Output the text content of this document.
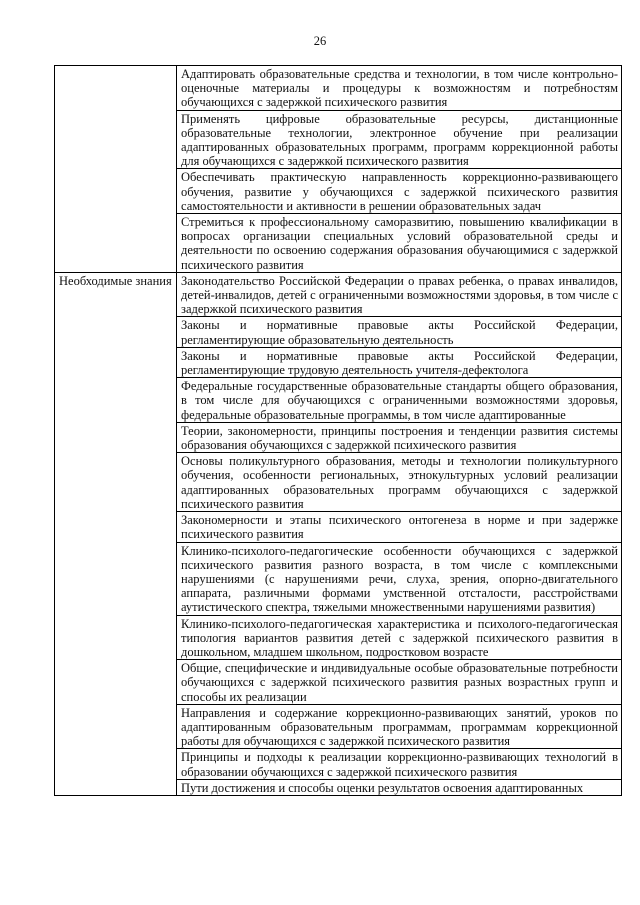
26
	Адаптировать образовательные средства и технологии, в том числе контрольно-оценочные материалы и процедуры к возможностям и потребностям обучающихся с задержкой психического развития
	Применять цифровые образовательные ресурсы, дистанционные образовательные технологии, электронное обучение при реализации адаптированных образовательных программ, программ коррекционной работы для обучающихся с задержкой психического развития
	Обеспечивать практическую направленность коррекционно-развивающего обучения, развитие у обучающихся с задержкой психического развития самостоятельности и активности в решении образовательных задач
	Стремиться к профессиональному саморазвитию, повышению квалификации в вопросах организации специальных условий образовательной среды и деятельности по освоению содержания образования обучающимися с задержкой психического развития
Необходимые знания	Законодательство Российской Федерации о правах ребенка, о правах инвалидов, детей-инвалидов, детей с ограниченными возможностями здоровья, в том числе с задержкой психического развития
	Законы и нормативные правовые акты Российской Федерации, регламентирующие образовательную деятельность
	Законы и нормативные правовые акты Российской Федерации, регламентирующие трудовую деятельность учителя-дефектолога
	Федеральные государственные образовательные стандарты общего образования, в том числе для обучающихся с ограниченными возможностями здоровья, федеральные образовательные программы, в том числе адаптированные
	Теории, закономерности, принципы построения и тенденции развития системы образования обучающихся с задержкой психического развития
	Основы поликультурного образования, методы и технологии поликультурного обучения, особенности региональных, этнокультурных условий реализации адаптированных образовательных программ обучающихся с задержкой психического развития
	Закономерности и этапы психического онтогенеза в норме и при задержке психического развития
	Клинико-психолого-педагогические особенности обучающихся с задержкой психического развития разного возраста, в том числе с комплексными нарушениями (с нарушениями речи, слуха, зрения, опорно-двигательного аппарата, различными формами умственной отсталости, расстройствами аутистического спектра, тяжелыми множественными нарушениями развития)
	Клинико-психолого-педагогическая характеристика и психолого-педагогическая типология вариантов развития детей с задержкой психического развития в дошкольном, младшем школьном, подростковом возрасте
	Общие, специфические и индивидуальные особые образовательные потребности обучающихся с задержкой психического развития разных возрастных групп и способы их реализации
	Направления и содержание коррекционно-развивающих занятий, уроков по адаптированным образовательным программам, программам коррекционной работы для обучающихся с задержкой психического развития
	Принципы и подходы к реализации коррекционно-развивающих технологий в образовании обучающихся с задержкой психического развития
	Пути достижения и способы оценки результатов освоения адаптированных
